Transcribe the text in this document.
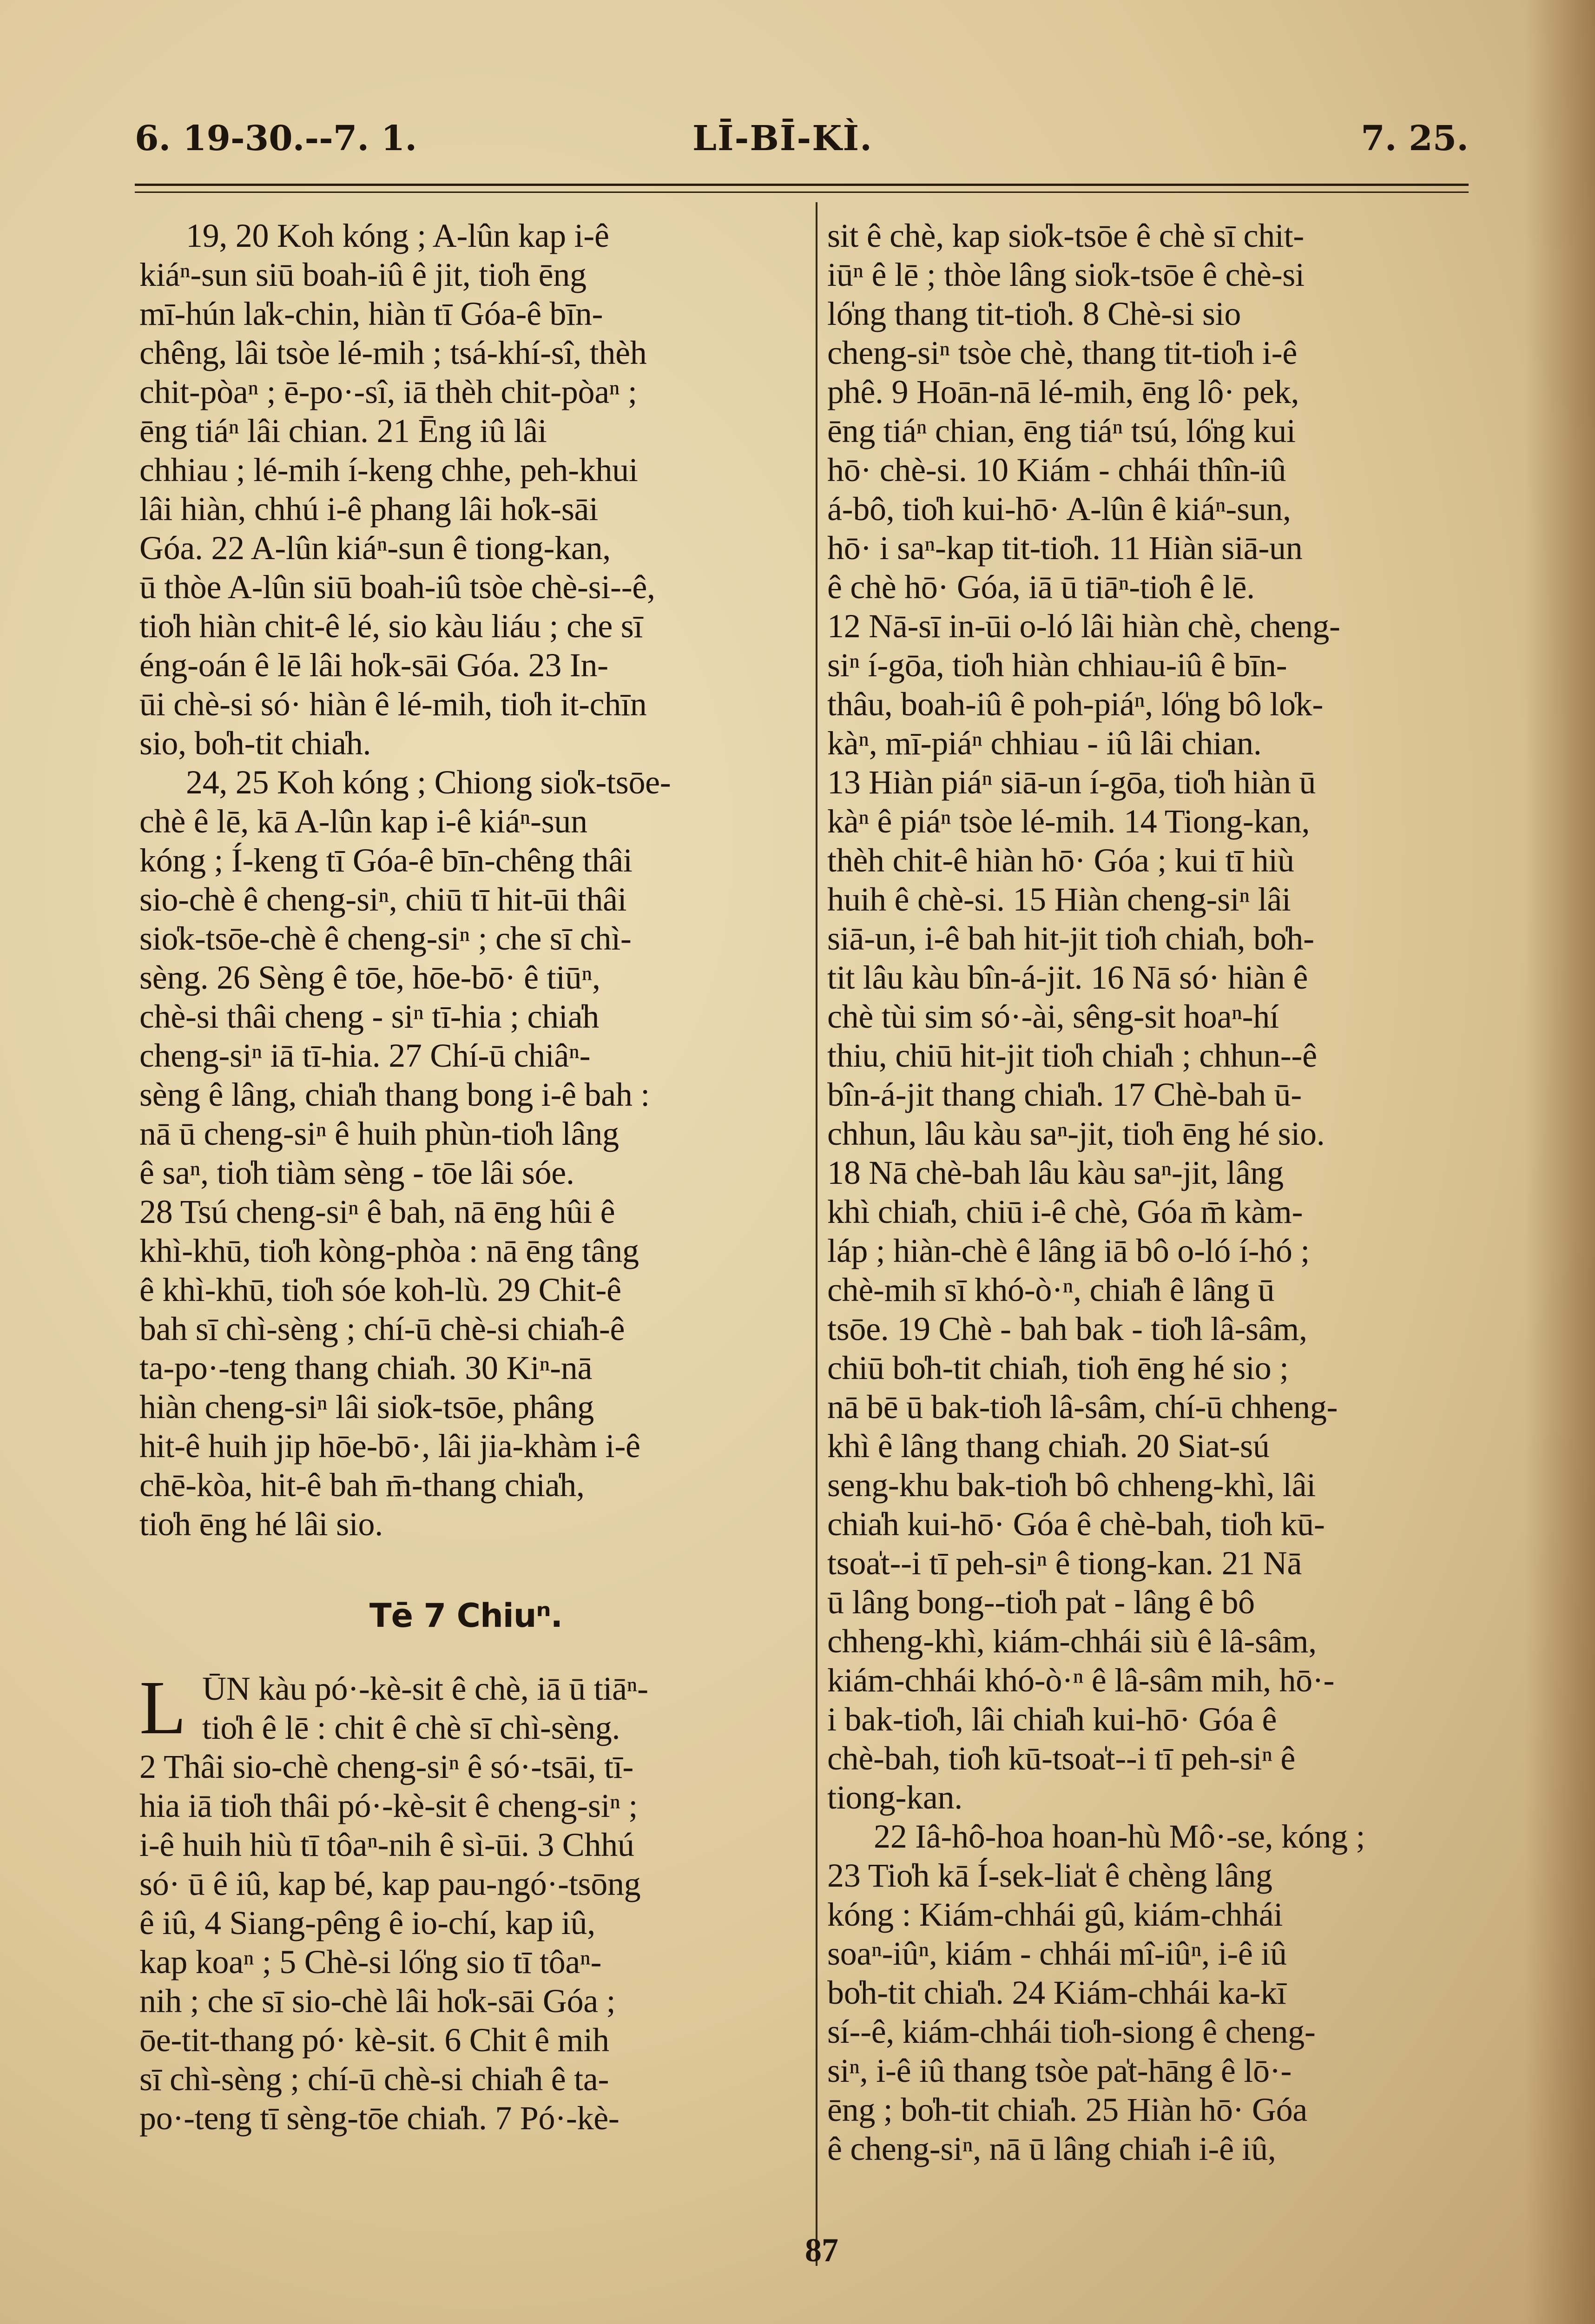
6. 19-30.--7. 1.	LĪ-BĪ-KÌ.	7. 25.
19, 20 Koh kóng ; A-lûn kap i-ê
kiáⁿ-sun siū boah-iû ê jit, tio̍h ēng
mī-hún la̍k-chin, hiàn tī Góa-ê bīn-
chêng, lâi tsòe lé-mih ; tsá-khí-sî, thèh
chit-pòaⁿ ; ē-po·-sî, iā thèh chit-pòaⁿ ;
ēng tiáⁿ lâi chian. 21 Ēng iû lâi
chhiau ; lé-mih í-keng chhe, peh-khui
lâi hiàn, chhú i-ê phang lâi ho̍k-sāi
Góa. 22 A-lûn kiáⁿ-sun ê tiong-kan,
ū thòe A-lûn siū boah-iû tsòe chè-si--ê,
tio̍h hiàn chit-ê lé, sio kàu liáu ; che sī
éng-oán ê lē lâi ho̍k-sāi Góa. 23 In-
ūi chè-si só· hiàn ê lé-mih, tio̍h it-chīn
sio, bo̍h-tit chia̍h.
24, 25 Koh kóng ; Chiong sio̍k-tsōe-
chè ê lē, kā A-lûn kap i-ê kiáⁿ-sun
kóng ; Í-keng tī Góa-ê bīn-chêng thâi
sio-chè ê cheng-siⁿ, chiū tī hit-ūi thâi
sio̍k-tsōe-chè ê cheng-siⁿ ; che sī chì-
sèng. 26 Sèng ê tōe, hōe-bō· ê tiūⁿ,
chè-si thâi cheng - siⁿ tī-hia ; chia̍h
cheng-siⁿ iā tī-hia. 27 Chí-ū chiâⁿ-
sèng ê lâng, chia̍h thang bong i-ê bah :
nā ū cheng-siⁿ ê huih phùn-tio̍h lâng
ê saⁿ, tio̍h tiàm sèng - tōe lâi sóe.
28 Tsú cheng-siⁿ ê bah, nā ēng hûi ê
khì-khū, tio̍h kòng-phòa : nā ēng tâng
ê khì-khū, tio̍h sóe koh-lù. 29 Chit-ê
bah sī chì-sèng ; chí-ū chè-si chia̍h-ê
ta-po·-teng thang chia̍h. 30 Kiⁿ-nā
hiàn cheng-siⁿ lâi sio̍k-tsōe, phâng
hit-ê huih jip hōe-bō·, lâi jia-khàm i-ê
chē-kòa, hit-ê bah m̄-thang chia̍h,
tio̍h ēng hé lâi sio.
Tē 7 Chiuⁿ.
L ŪN kàu pó·-kè-sit ê chè, iā ū tiāⁿ-
tio̍h ê lē : chit ê chè sī chì-sèng.
2 Thâi sio-chè cheng-siⁿ ê só·-tsāi, tī-
hia iā tio̍h thâi pó·-kè-sit ê cheng-siⁿ ;
i-ê huih hiù tī tôaⁿ-nih ê sì-ūi. 3 Chhú
só· ū ê iû, kap bé, kap pau-ngó·-tsōng
ê iû, 4 Siang-pêng ê io-chí, kap iû,
kap koaⁿ ; 5 Chè-si ló̍ng sio tī tôaⁿ-
nih ; che sī sio-chè lâi ho̍k-sāi Góa ;
ōe-tit-thang pó· kè-sit. 6 Chit ê mih
sī chì-sèng ; chí-ū chè-si chia̍h ê ta-
po·-teng tī sèng-tōe chia̍h. 7 Pó·-kè-
sit ê chè, kap sio̍k-tsōe ê chè sī chit-
iūⁿ ê lē ; thòe lâng sio̍k-tsōe ê chè-si
ló̍ng thang tit-tio̍h. 8 Chè-si sio
cheng-siⁿ tsòe chè, thang tit-tio̍h i-ê
phê. 9 Hoān-nā lé-mih, ēng lô· pek,
ēng tiáⁿ chian, ēng tiáⁿ tsú, ló̍ng kui
hō· chè-si. 10 Kiám - chhái thîn-iû
á-bô, tio̍h kui-hō· A-lûn ê kiáⁿ-sun,
hō· i saⁿ-kap tit-tio̍h. 11 Hiàn siā-un
ê chè hō· Góa, iā ū tiāⁿ-tio̍h ê lē.
12 Nā-sī in-ūi o-ló lâi hiàn chè, cheng-
siⁿ í-gōa, tio̍h hiàn chhiau-iû ê bīn-
thâu, boah-iû ê poh-piáⁿ, ló̍ng bô lo̍k-
kàⁿ, mī-piáⁿ chhiau - iû lâi chian.
13 Hiàn piáⁿ siā-un í-gōa, tio̍h hiàn ū
kàⁿ ê piáⁿ tsòe lé-mih. 14 Tiong-kan,
thèh chit-ê hiàn hō· Góa ; kui tī hiù
huih ê chè-si. 15 Hiàn cheng-siⁿ lâi
siā-un, i-ê bah hit-jit tio̍h chia̍h, bo̍h-
tit lâu kàu bîn-á-jit. 16 Nā só· hiàn ê
chè tùi sim só·-ài, sêng-sit hoaⁿ-hí
thiu, chiū hit-jit tio̍h chia̍h ; chhun--ê
bîn-á-jit thang chia̍h. 17 Chè-bah ū-
chhun, lâu kàu saⁿ-jit, tio̍h ēng hé sio.
18 Nā chè-bah lâu kàu saⁿ-jit, lâng
khì chia̍h, chiū i-ê chè, Góa m̄ kàm-
láp ; hiàn-chè ê lâng iā bô o-ló í-hó ;
chè-mih sī khó-ò·ⁿ, chia̍h ê lâng ū
tsōe. 19 Chè - bah bak - tio̍h lâ-sâm,
chiū bo̍h-tit chia̍h, tio̍h ēng hé sio ;
nā bē ū bak-tio̍h lâ-sâm, chí-ū chheng-
khì ê lâng thang chia̍h. 20 Siat-sú
seng-khu bak-tio̍h bô chheng-khì, lâi
chia̍h kui-hō· Góa ê chè-bah, tio̍h kū-
tsoa̍t--i tī peh-siⁿ ê tiong-kan. 21 Nā
ū lâng bong--tio̍h pa̍t - lâng ê bô
chheng-khì, kiám-chhái siù ê lâ-sâm,
kiám-chhái khó-ò·ⁿ ê lâ-sâm mih, hō·-
i bak-tio̍h, lâi chia̍h kui-hō· Góa ê
chè-bah, tio̍h kū-tsoa̍t--i tī peh-siⁿ ê
tiong-kan.
22 Iâ-hô-hoa hoan-hù Mô·-se, kóng ;
23 Tio̍h kā Í-sek-lia̍t ê chèng lâng
kóng : Kiám-chhái gû, kiám-chhái
soaⁿ-iûⁿ, kiám - chhái mî-iûⁿ, i-ê iû
bo̍h-tit chia̍h. 24 Kiám-chhái ka-kī
sí--ê, kiám-chhái tio̍h-siong ê cheng-
siⁿ, i-ê iû thang tsòe pa̍t-hāng ê lō·-
ēng ; bo̍h-tit chia̍h. 25 Hiàn hō· Góa
ê cheng-siⁿ, nā ū lâng chia̍h i-ê iû,
87
